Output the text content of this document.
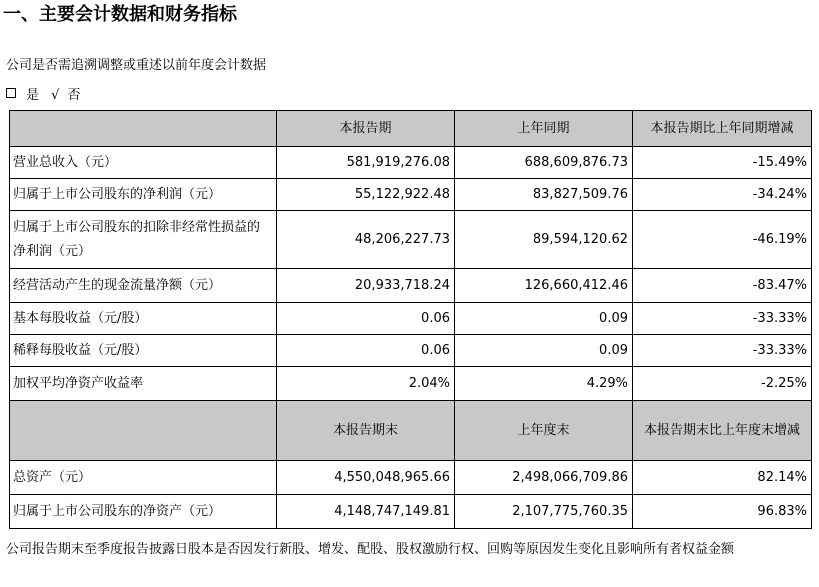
一、主要会计数据和财务指标
公司是否需追溯调整或重述以前年度会计数据
是 √ 否
	本报告期	上年同期	本报告期比上年同期增减
营业总收入（元）	581,919,276.08	688,609,876.73	-15.49%
归属于上市公司股东的净利润（元）	55,122,922.48	83,827,509.76	-34.24%
归属于上市公司股东的扣除非经常性损益的净利润（元）	48,206,227.73	89,594,120.62	-46.19%
经营活动产生的现金流量净额（元）	20,933,718.24	126,660,412.46	-83.47%
基本每股收益（元/股）	0.06	0.09	-33.33%
稀释每股收益（元/股）	0.06	0.09	-33.33%
加权平均净资产收益率	2.04%	4.29%	-2.25%
	本报告期末	上年度末	本报告期末比上年度末增减
总资产（元）	4,550,048,965.66	2,498,066,709.86	82.14%
归属于上市公司股东的净资产（元）	4,148,747,149.81	2,107,775,760.35	96.83%
公司报告期末至季度报告披露日股本是否因发行新股、增发、配股、股权激励行权、回购等原因发生变化且影响所有者权益金额
